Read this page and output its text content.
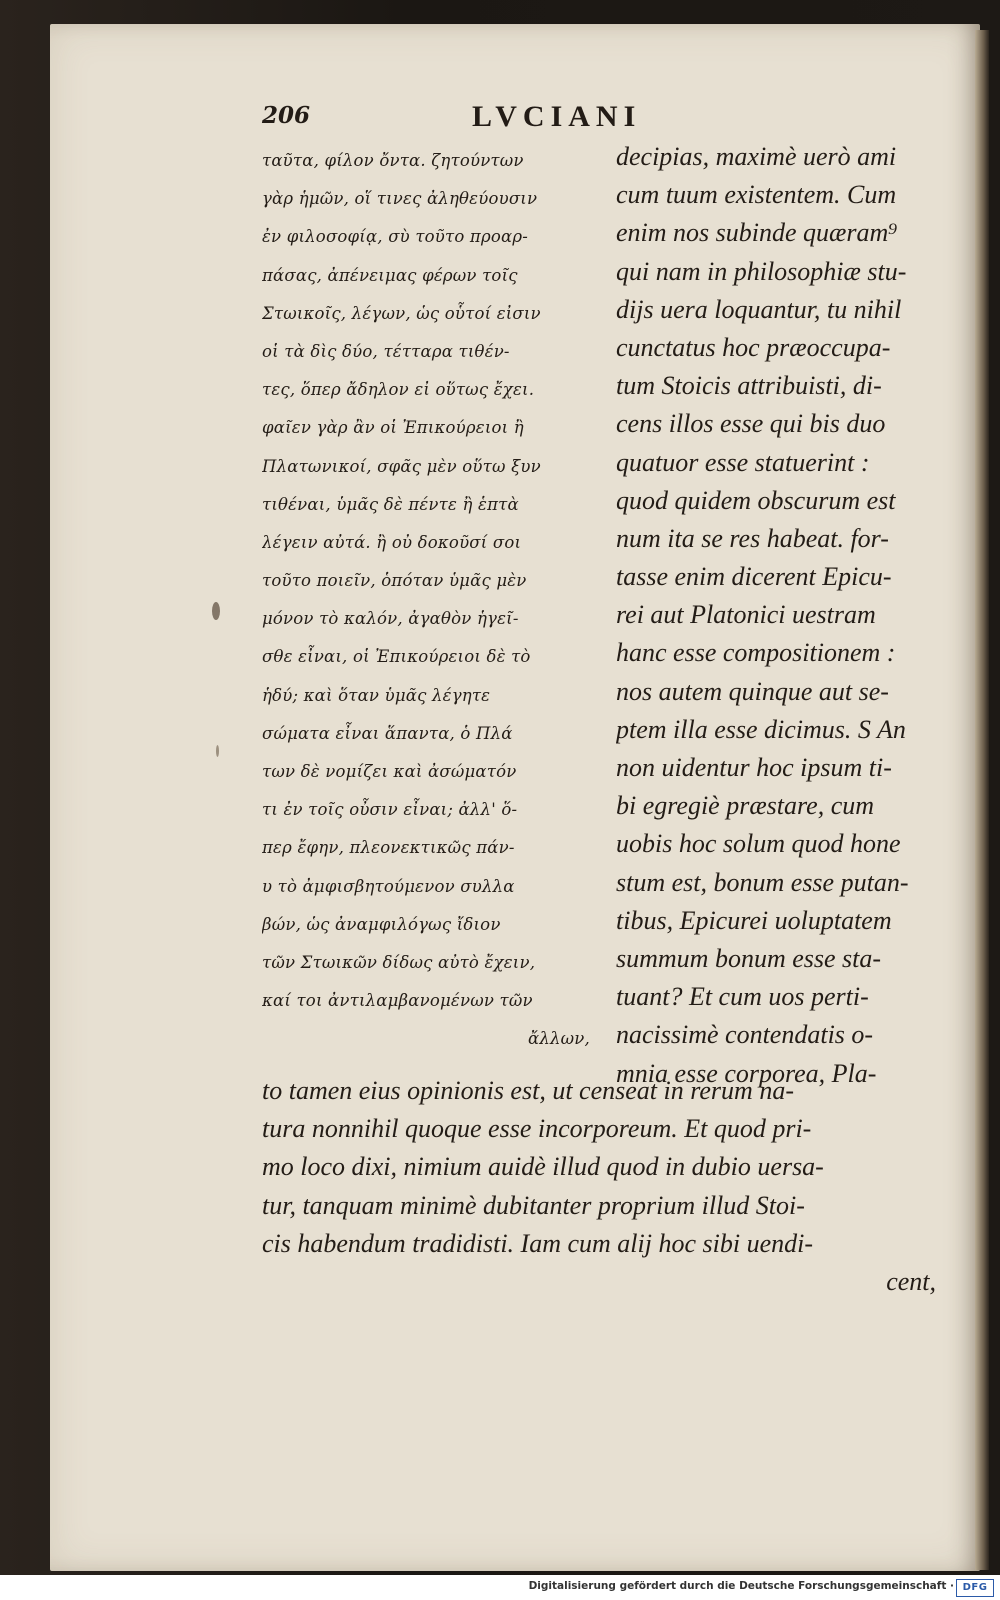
206	LVCIANI
ταῦτα, φίλον ὄντα. ζητούντων
γὰρ ἡμῶν, οἵ τινες ἀληθεύουσιν
ἐν φιλοσοφίᾳ, σὺ τοῦτο προαρ-
πάσας, ἀπένειμας φέρων τοῖς
Στωικοῖς, λέγων, ὡς οὗτοί εἰσιν
οἱ τὰ δὶς δύο, τέτταρα τιθέν-
τες, ὅπερ ἄδηλον εἰ οὕτως ἔχει.
φαῖεν γὰρ ἂν οἱ Ἐπικούρειοι ἢ
Πλατωνικοί, σφᾶς μὲν οὕτω ξυν
τιθέναι, ὑμᾶς δὲ πέντε ἢ ἑπτὰ
λέγειν αὐτά. ἢ οὐ δοκοῦσί σοι
τοῦτο ποιεῖν, ὁπόταν ὑμᾶς μὲν
μόνον τὸ καλόν, ἀγαθὸν ἡγεῖ-
σθε εἶναι, οἱ Ἐπικούρειοι δὲ τὸ
ἡδύ; καὶ ὅταν ὑμᾶς λέγητε
σώματα εἶναι ἅπαντα, ὁ Πλά
των δὲ νομίζει καὶ ἀσώματόν
τι ἐν τοῖς οὖσιν εἶναι; ἀλλ' ὅ-
περ ἔφην, πλεονεκτικῶς πάν-
υ τὸ ἀμφισβητούμενον συλλα
βών, ὡς ἀναμφιλόγως ἴδιον
τῶν Στωικῶν δίδως αὐτὸ ἔχειν,
καί τοι ἀντιλαμβανομένων τῶν
ἄλλων,
decipias, maximè uerò ami
cum tuum existentem. Cum
enim nos subinde quæram⁹
qui nam in philosophiæ stu-
dijs uera loquantur, tu nihil
cunctatus hoc præoccupa-
tum Stoicis attribuisti, di-
cens illos esse qui bis duo
quatuor esse statuerint :
quod quidem obscurum est
num ita se res habeat. for-
tasse enim dicerent Epicu-
rei aut Platonici uestram
hanc esse compositionem :
nos autem quinque aut se-
ptem illa esse dicimus. S An
non uidentur hoc ipsum ti-
bi egregiè præstare, cum
uobis hoc solum quod hone
stum est, bonum esse putan-
tibus, Epicurei uoluptatem
summum bonum esse sta-
tuant? Et cum uos perti-
nacissimè contendatis o-
mnia esse corporea, Pla-
to tamen eius opinionis est, ut censeat in rerum na-
tura nonnihil quoque esse incorporeum. Et quod pri-
mo loco dixi, nimium auidè illud quod in dubio uersa-
tur, tanquam minimè dubitanter proprium illud Stoi-
cis habendum tradidisti. Iam cum alij hoc sibi uendi-
cent,
Digitalisierung gefördert durch die Deutsche Forschungsgemeinschaft · DFG
